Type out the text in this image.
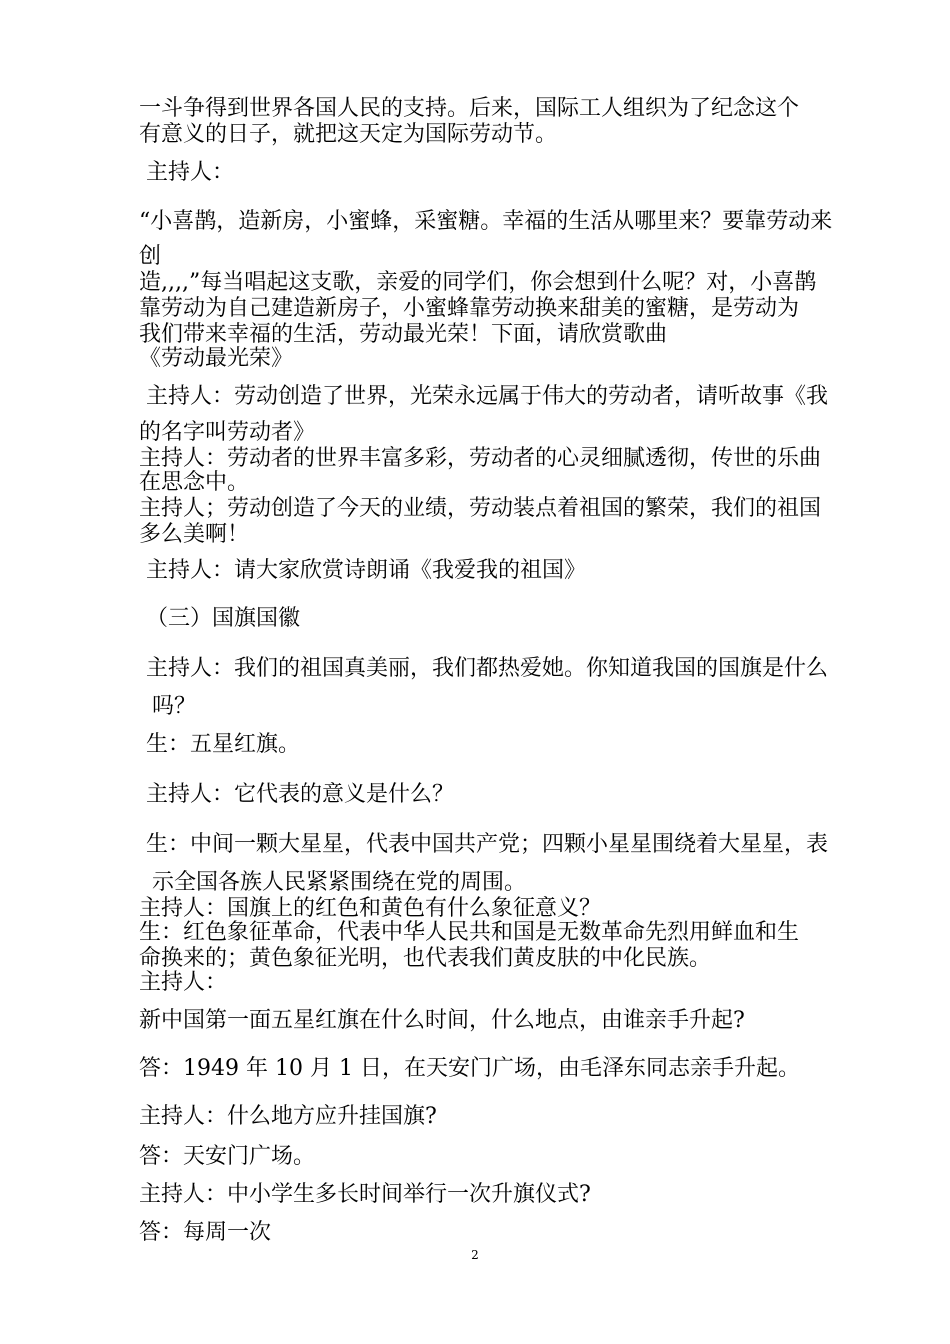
一斗争得到世界各国人民的支持。后来，国际工人组织为了纪念这个
有意义的日子，就把这天定为国际劳动节。
主持人：
“小喜鹊，造新房，小蜜蜂，采蜜糖。幸福的生活从哪里来？要靠劳动来
创
造,,,,”每当唱起这支歌，亲爱的同学们，你会想到什么呢？对，小喜鹊
靠劳动为自己建造新房子，小蜜蜂靠劳动换来甜美的蜜糖，是劳动为
我们带来幸福的生活，劳动最光荣！下面，请欣赏歌曲
《劳动最光荣》
主持人：劳动创造了世界，光荣永远属于伟大的劳动者，请听故事《我
的名字叫劳动者》
主持人：劳动者的世界丰富多彩，劳动者的心灵细腻透彻，传世的乐曲
在思念中。
主持人；劳动创造了今天的业绩，劳动装点着祖国的繁荣，我们的祖国
多么美啊！
主持人：请大家欣赏诗朗诵《我爱我的祖国》
（三）国旗国徽
主持人：我们的祖国真美丽，我们都热爱她。你知道我国的国旗是什么
吗？
生：五星红旗。
主持人：它代表的意义是什么？
生：中间一颗大星星，代表中国共产党；四颗小星星围绕着大星星，表
示全国各族人民紧紧围绕在党的周围。
主持人：国旗上的红色和黄色有什么象征意义？
生：红色象征革命，代表中华人民共和国是无数革命先烈用鲜血和生
命换来的；黄色象征光明，也代表我们黄皮肤的中化民族。
主持人：
新中国第一面五星红旗在什么时间，什么地点，由谁亲手升起?
答：1949 年 10 月 1 日，在天安门广场，由毛泽东同志亲手升起。
主持人：什么地方应升挂国旗?
答：天安门广场。
主持人：中小学生多长时间举行一次升旗仪式?
答：每周一次
2
